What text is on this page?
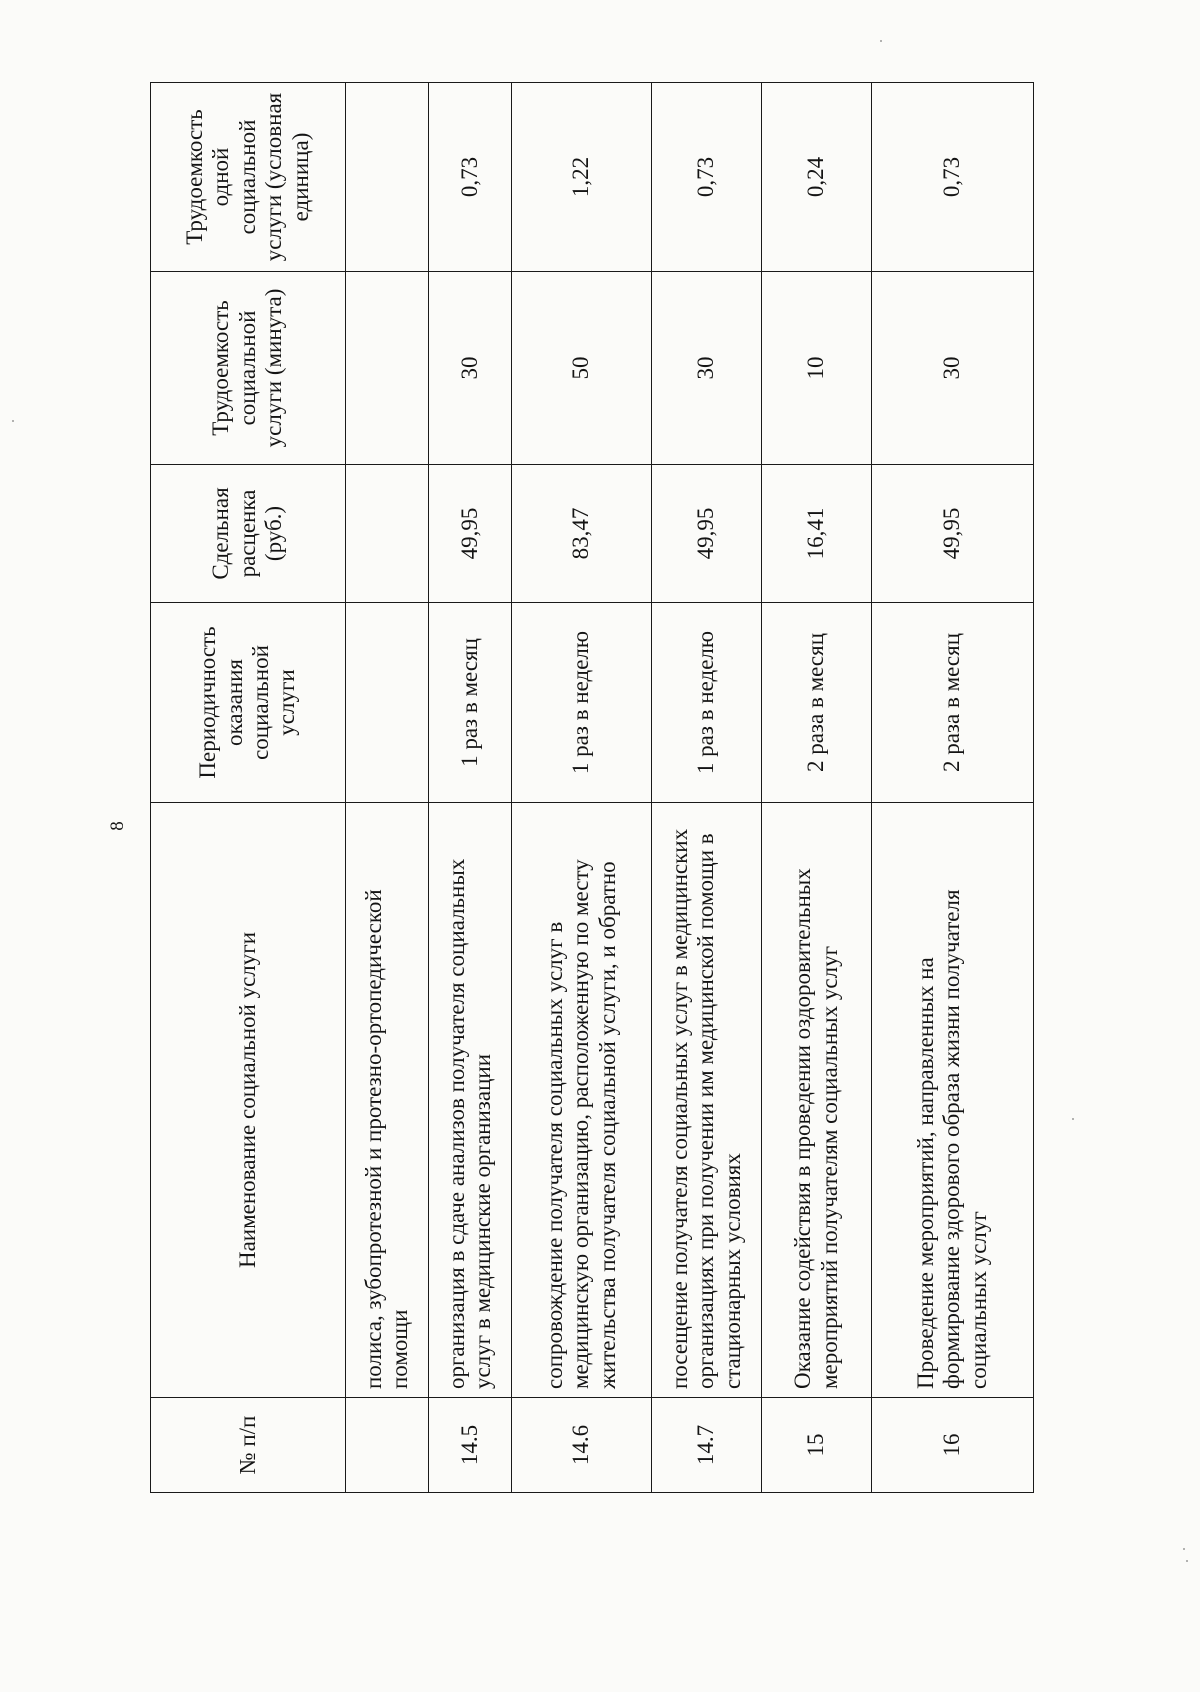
8
№ п/п	Наименование социальной услуги	Периодичность оказания социальной услуги	Сдельная расценка (руб.)	Трудоемкость социальной услуги (минута)	Трудоемкость одной социальной услуги (условная единица)
	полиса, зубопротезной и протезно-ортопедической помощи				
14.5	организация в сдаче анализов получателя социальных услуг в медицинские организации	1 раз в месяц	49,95	30	0,73
14.6	сопровождение получателя социальных услуг в медицинскую организацию, расположенную по месту жительства получателя социальной услуги, и обратно	1 раз в неделю	83,47	50	1,22
14.7	посещение получателя социальных услуг в медицинских организациях при получении им медицинской помощи в стационарных условиях	1 раз в неделю	49,95	30	0,73
15	Оказание содействия в проведении оздоровительных мероприятий получателям социальных услуг	2 раза в месяц	16,41	10	0,24
16	Проведение мероприятий, направленных на формирование здорового образа жизни получателя социальных услуг	2 раза в месяц	49,95	30	0,73
